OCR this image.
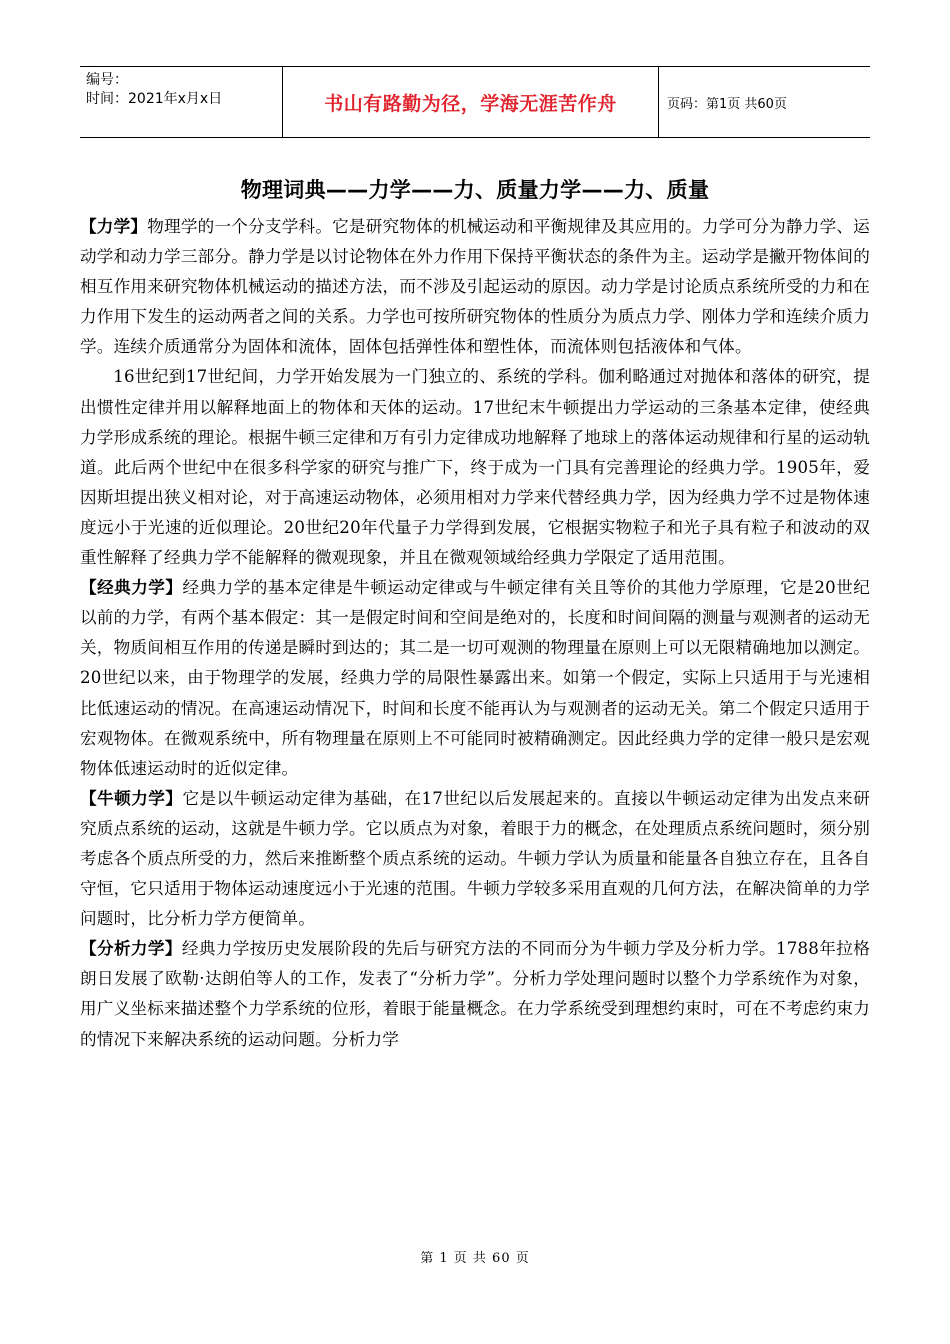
编号：
时间：2021年x月x日	书山有路勤为径，学海无涯苦作舟	页码：第1页 共60页
物理词典——力学——力、质量力学——力、质量

【力学】物理学的一个分支学科。它是研究物体的机械运动和平衡规律及其应用的。力学可分为静力学、运动学和动力学三部分。静力学是以讨论物体在外力作用下保持平衡状态的条件为主。运动学是撇开物体间的相互作用来研究物体机械运动的描述方法，而不涉及引起运动的原因。动力学是讨论质点系统所受的力和在力作用下发生的运动两者之间的关系。力学也可按所研究物体的性质分为质点力学、刚体力学和连续介质力学。连续介质通常分为固体和流体，固体包括弹性体和塑性体，而流体则包括液体和气体。

16世纪到17世纪间，力学开始发展为一门独立的、系统的学科。伽利略通过对抛体和落体的研究，提出惯性定律并用以解释地面上的物体和天体的运动。17世纪末牛顿提出力学运动的三条基本定律，使经典力学形成系统的理论。根据牛顿三定律和万有引力定律成功地解释了地球上的落体运动规律和行星的运动轨道。此后两个世纪中在很多科学家的研究与推广下，终于成为一门具有完善理论的经典力学。1905年，爱因斯坦提出狭义相对论，对于高速运动物体，必须用相对力学来代替经典力学，因为经典力学不过是物体速度远小于光速的近似理论。20世纪20年代量子力学得到发展，它根据实物粒子和光子具有粒子和波动的双重性解释了经典力学不能解释的微观现象，并且在微观领域给经典力学限定了适用范围。

【经典力学】经典力学的基本定律是牛顿运动定律或与牛顿定律有关且等价的其他力学原理，它是20世纪以前的力学，有两个基本假定：其一是假定时间和空间是绝对的，长度和时间间隔的测量与观测者的运动无关，物质间相互作用的传递是瞬时到达的；其二是一切可观测的物理量在原则上可以无限精确地加以测定。20世纪以来，由于物理学的发展，经典力学的局限性暴露出来。如第一个假定，实际上只适用于与光速相比低速运动的情况。在高速运动情况下，时间和长度不能再认为与观测者的运动无关。第二个假定只适用于宏观物体。在微观系统中，所有物理量在原则上不可能同时被精确测定。因此经典力学的定律一般只是宏观物体低速运动时的近似定律。

【牛顿力学】它是以牛顿运动定律为基础，在17世纪以后发展起来的。直接以牛顿运动定律为出发点来研究质点系统的运动，这就是牛顿力学。它以质点为对象，着眼于力的概念，在处理质点系统问题时，须分别考虑各个质点所受的力，然后来推断整个质点系统的运动。牛顿力学认为质量和能量各自独立存在，且各自守恒，它只适用于物体运动速度远小于光速的范围。牛顿力学较多采用直观的几何方法，在解决简单的力学问题时，比分析力学方便简单。

【分析力学】经典力学按历史发展阶段的先后与研究方法的不同而分为牛顿力学及分析力学。1788年拉格朗日发展了欧勒·达朗伯等人的工作，发表了“分析力学”。分析力学处理问题时以整个力学系统作为对象，用广义坐标来描述整个力学系统的位形，着眼于能量概念。在力学系统受到理想约束时，可在不考虑约束力的情况下来解决系统的运动问题。分析力学

第 1 页 共 60 页
